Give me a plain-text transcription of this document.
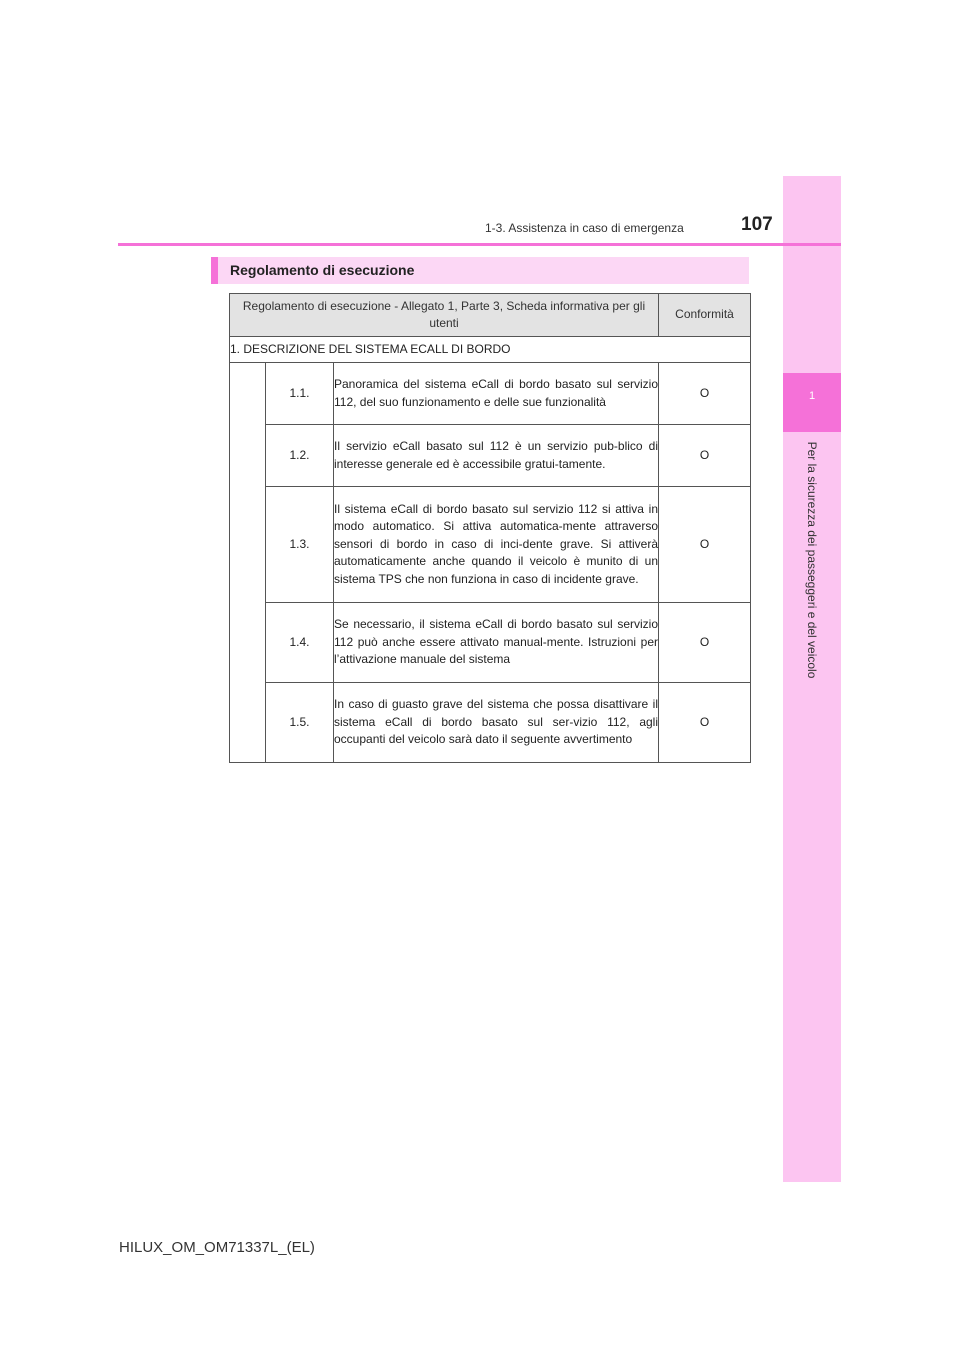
1
Per la sicurezza dei passeggeri e del veicolo
1-3. Assistenza in caso di emergenza	107
Regolamento di esecuzione
Regolamento di esecuzione - Allegato 1, Parte 3, Scheda informativa per gli utenti			Conformità
1. DESCRIZIONE DEL SISTEMA ECALL DI BORDO			
	1.1.	Panoramica del sistema eCall di bordo basato sul servizio 112, del suo funzionamento e delle sue funzionalità	O
	1.2.	Il servizio eCall basato sul 112 è un servizio pub-blico di interesse generale ed è accessibile gratui-tamente.	O
	1.3.	Il sistema eCall di bordo basato sul servizio 112 si attiva in modo automatico. Si attiva automatica-mente attraverso sensori di bordo in caso di inci-dente grave. Si attiverà automaticamente anche quando il veicolo è munito di un sistema TPS che non funziona in caso di incidente grave.	O
	1.4.	Se necessario, il sistema eCall di bordo basato sul servizio 112 può anche essere attivato manual-mente. Istruzioni per l’attivazione manuale del sistema	O
	1.5.	In caso di guasto grave del sistema che possa disattivare il sistema eCall di bordo basato sul ser-vizio 112, agli occupanti del veicolo sarà dato il seguente avvertimento	O
HILUX_OM_OM71337L_(EL)
